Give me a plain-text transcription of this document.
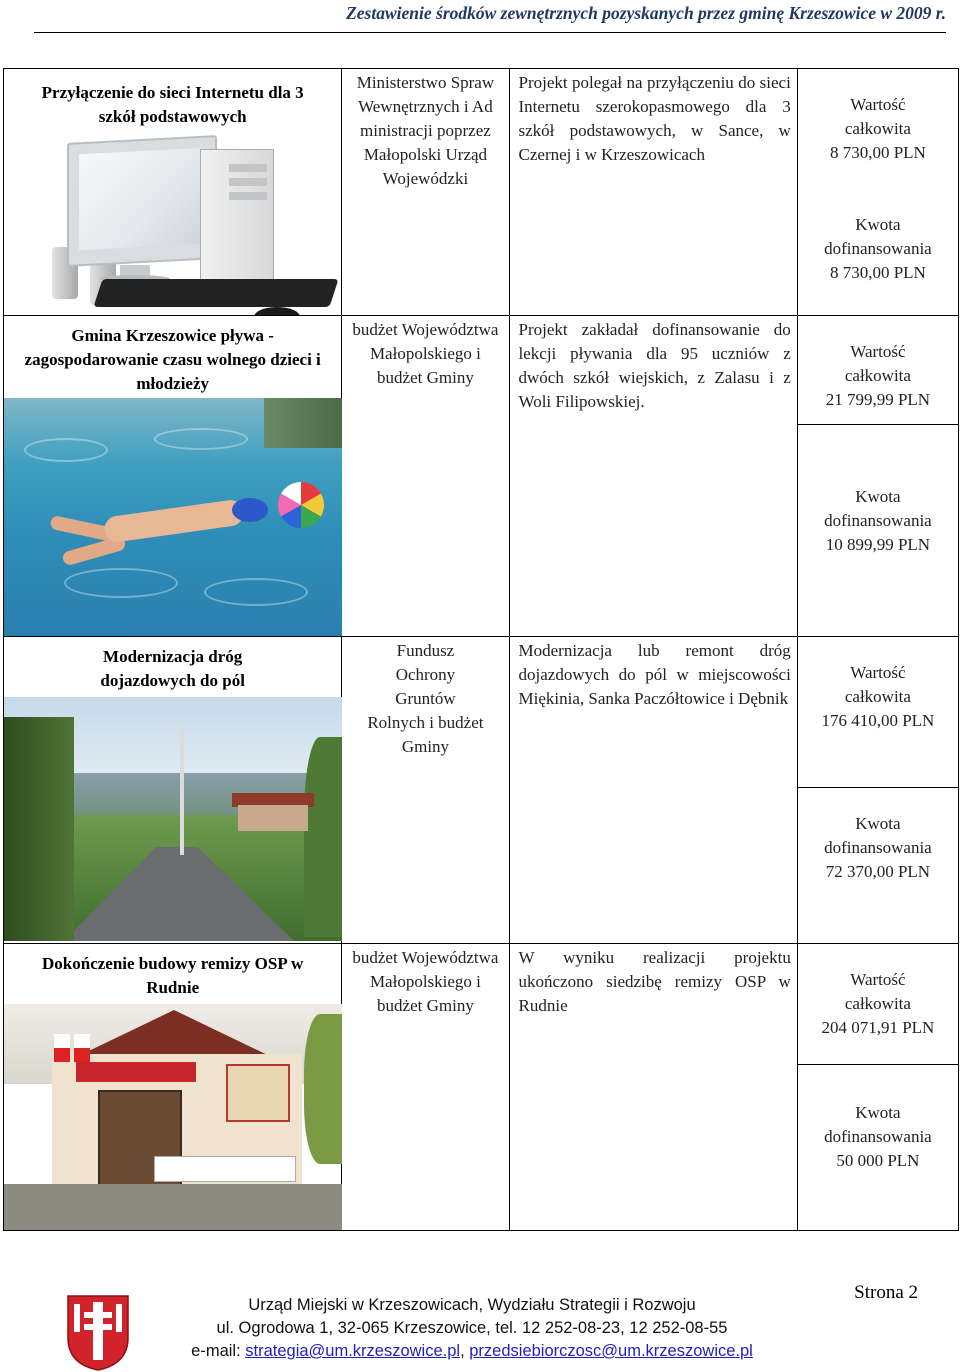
Zestawienie środków zewnętrznych pozyskanych przez gminę Krzeszowice w 2009 r.
Przyłączenie do sieci Internetu dla 3 szkół podstawowych	Ministerstwo Spraw Wewnętrznych i Administracji poprzez Małopolski Urząd Wojewódzki	Projekt polegał na przyłączeniu do sieci Internetu szerokopasmowego dla 3 szkół podstawowych, w Sance, w Czernej i w Krzeszowicach	Wartość całkowita
8 730,00 PLN
Kwota dofinansowania
8 730,00 PLN

Gmina Krzeszowice pływa - zagospodarowanie czasu wolnego dzieci i młodzieży	budżet Województwa Małopolskiego i budżet Gminy	Projekt zakładał dofinansowanie do lekcji pływania dla 95 uczniów z dwóch szkół wiejskich, z Zalasu i z Woli Filipowskiej.	Wartość całkowita
21 799,99 PLN
Kwota dofinansowania
10 899,99 PLN

Modernizacja dróg dojazdowych do pól	Fundusz Ochrony Gruntów Rolnych i budżet Gminy	Modernizacja lub remont dróg dojazdowych do pól w miejscowości Miękinia, Sanka Paczółtowice i Dębnik	Wartość całkowita
176 410,00 PLN
Kwota dofinansowania
72 370,00 PLN

Dokończenie budowy remizy OSP w Rudnie	budżet Województwa Małopolskiego i budżet Gminy	W wyniku realizacji projektu ukończono siedzibę remizy OSP w Rudnie	Wartość całkowita
204 071,91 PLN
Kwota dofinansowania
50 000 PLN
Strona 2
Urząd Miejski w Krzeszowicach, Wydziału Strategii i Rozwoju
ul. Ogrodowa 1, 32-065 Krzeszowice, tel. 12 252-08-23, 12 252-08-55
e-mail: strategia@um.krzeszowice.pl, przedsiebiorczosc@um.krzeszowice.pl
